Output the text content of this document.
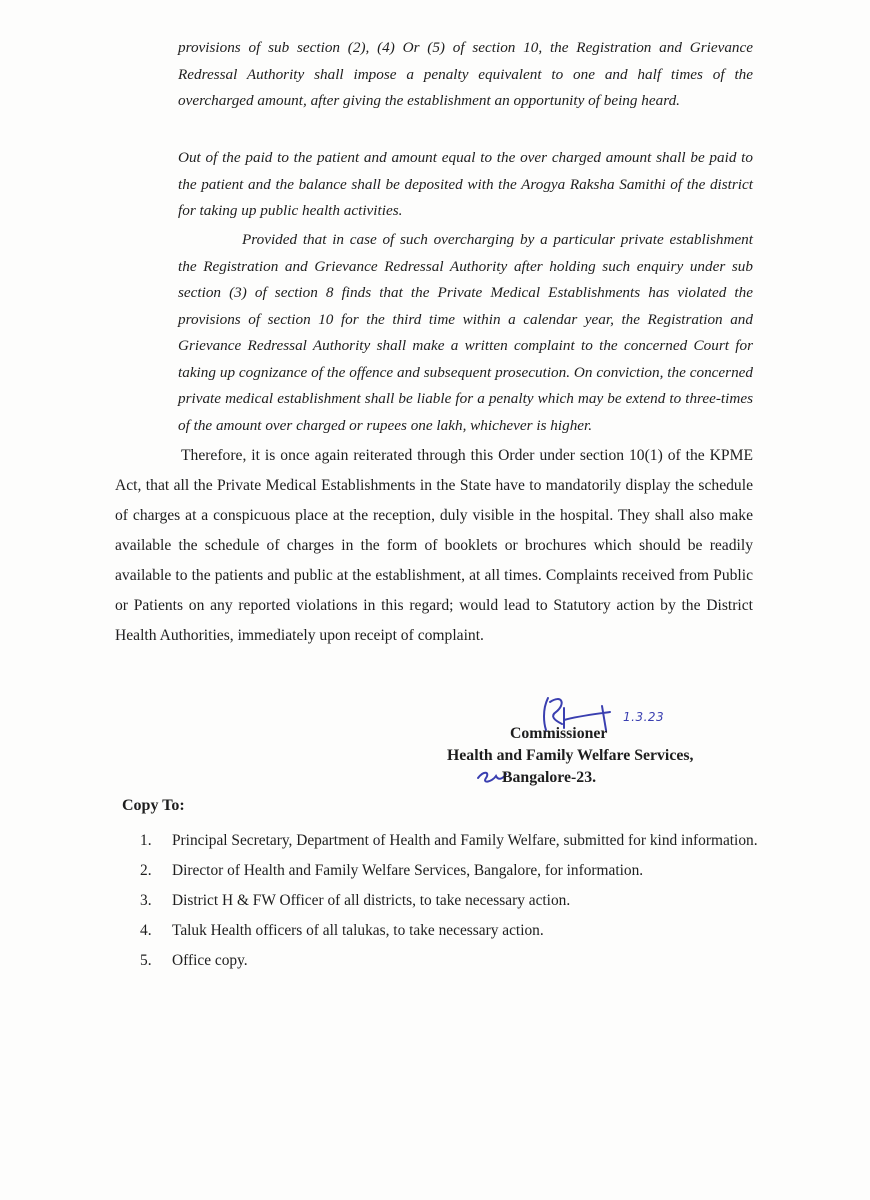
provisions of sub section (2), (4) Or (5) of section 10, the Registration and Grievance Redressal Authority shall impose a penalty equivalent to one and half times of the overcharged amount, after giving the establishment an opportunity of being heard.

Out of the paid to the patient and amount equal to the over charged amount shall be paid to the patient and the balance shall be deposited with the Arogya Raksha Samithi of the district for taking up public health activities.

Provided that in case of such overcharging by a particular private establishment the Registration and Grievance Redressal Authority after holding such enquiry under sub section (3) of section 8 finds that the Private Medical Establishments has violated the provisions of section 10 for the third time within a calendar year, the Registration and Grievance Redressal Authority shall make a written complaint to the concerned Court for taking up cognizance of the offence and subsequent prosecution. On conviction, the concerned private medical establishment shall be liable for a penalty which may be extend to three-times of the amount over charged or rupees one lakh, whichever is higher.

Therefore, it is once again reiterated through this Order under section 10(1) of the KPME Act, that all the Private Medical Establishments in the State have to mandatorily display the schedule of charges at a conspicuous place at the reception, duly visible in the hospital. They shall also make available the schedule of charges in the form of booklets or brochures which should be readily available to the patients and public at the establishment, at all times. Complaints received from Public or Patients on any reported violations in this regard; would lead to Statutory action by the District Health Authorities, immediately upon receipt of complaint.

1.3.23
Commissioner
Health and Family Welfare Services,
Bangalore-23.
Copy To:
1.	Principal Secretary, Department of Health and Family Welfare, submitted for kind information.
2.	Director of Health and Family Welfare Services, Bangalore, for information.
3.	District H & FW Officer of all districts, to take necessary action.
4.	Taluk Health officers of all talukas, to take necessary action.
5.	Office copy.
